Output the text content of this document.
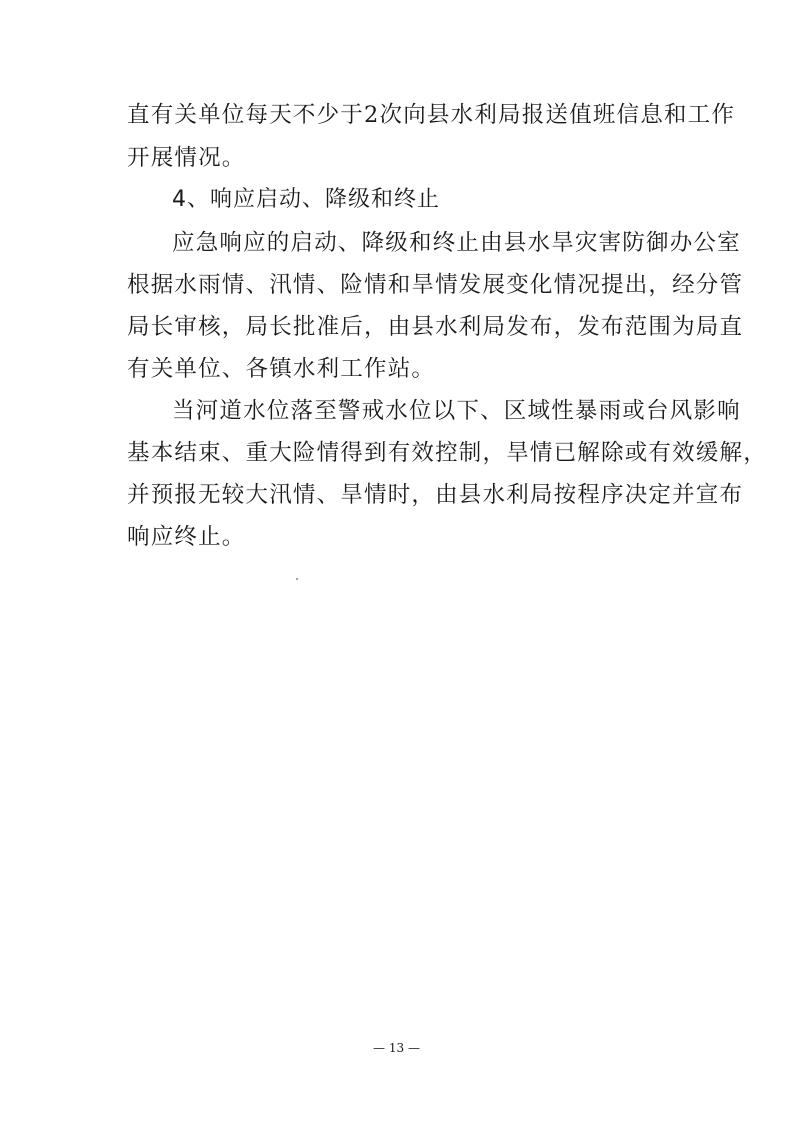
直有关单位每天不少于2次向县水利局报送值班信息和工作
开展情况。
4、响应启动、降级和终止
应急响应的启动、降级和终止由县水旱灾害防御办公室
根据水雨情、汛情、险情和旱情发展变化情况提出，经分管
局长审核，局长批准后，由县水利局发布，发布范围为局直
有关单位、各镇水利工作站。
当河道水位落至警戒水位以下、区域性暴雨或台风影响
基本结束、重大险情得到有效控制，旱情已解除或有效缓解，
并预报无较大汛情、旱情时，由县水利局按程序决定并宣布
响应终止。
— 13 —
